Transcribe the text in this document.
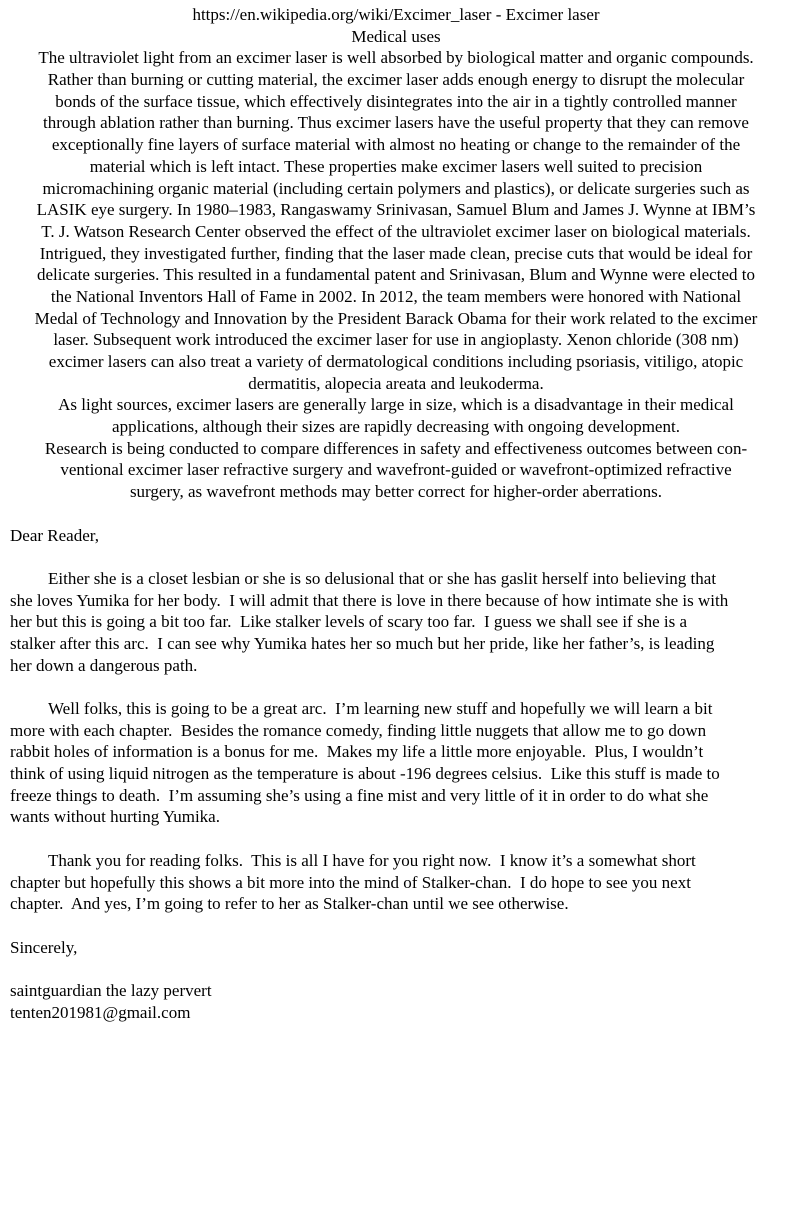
https://en.wikipedia.org/wiki/Excimer_laser - Excimer laser
Medical uses
The ultraviolet light from an excimer laser is well absorbed by biological matter and organic compounds.
Rather than burning or cutting material, the excimer laser adds enough energy to disrupt the molecular
bonds of the surface tissue, which effectively disintegrates into the air in a tightly controlled manner
through ablation rather than burning. Thus excimer lasers have the useful property that they can remove
exceptionally fine layers of surface material with almost no heating or change to the remainder of the
material which is left intact. These properties make excimer lasers well suited to precision
micromachining organic material (including certain polymers and plastics), or delicate surgeries such as
LASIK eye surgery. In 1980–1983, Rangaswamy Srinivasan, Samuel Blum and James J. Wynne at IBM’s
T. J. Watson Research Center observed the effect of the ultraviolet excimer laser on biological materials.
Intrigued, they investigated further, finding that the laser made clean, precise cuts that would be ideal for
delicate surgeries. This resulted in a fundamental patent and Srinivasan, Blum and Wynne were elected to
the National Inventors Hall of Fame in 2002. In 2012, the team members were honored with National
Medal of Technology and Innovation by the President Barack Obama for their work related to the excimer
laser. Subsequent work introduced the excimer laser for use in angioplasty. Xenon chloride (308 nm)
excimer lasers can also treat a variety of dermatological conditions including psoriasis, vitiligo, atopic
dermatitis, alopecia areata and leukoderma.
As light sources, excimer lasers are generally large in size, which is a disadvantage in their medical
applications, although their sizes are rapidly decreasing with ongoing development.
Research is being conducted to compare differences in safety and effectiveness outcomes between con-
ventional excimer laser refractive surgery and wavefront-guided or wavefront-optimized refractive
surgery, as wavefront methods may better correct for higher-order aberrations.
Dear Reader,
Either she is a closet lesbian or she is so delusional that or she has gaslit herself into believing that
she loves Yumika for her body.  I will admit that there is love in there because of how intimate she is with
her but this is going a bit too far.  Like stalker levels of scary too far.  I guess we shall see if she is a
stalker after this arc.  I can see why Yumika hates her so much but her pride, like her father’s, is leading
her down a dangerous path.
Well folks, this is going to be a great arc.  I’m learning new stuff and hopefully we will learn a bit
more with each chapter.  Besides the romance comedy, finding little nuggets that allow me to go down
rabbit holes of information is a bonus for me.  Makes my life a little more enjoyable.  Plus, I wouldn’t
think of using liquid nitrogen as the temperature is about -196 degrees celsius.  Like this stuff is made to
freeze things to death.  I’m assuming she’s using a fine mist and very little of it in order to do what she
wants without hurting Yumika.
Thank you for reading folks.  This is all I have for you right now.  I know it’s a somewhat short
chapter but hopefully this shows a bit more into the mind of Stalker-chan.  I do hope to see you next
chapter.  And yes, I’m going to refer to her as Stalker-chan until we see otherwise.
Sincerely,
saintguardian the lazy pervert
tenten201981@gmail.com
